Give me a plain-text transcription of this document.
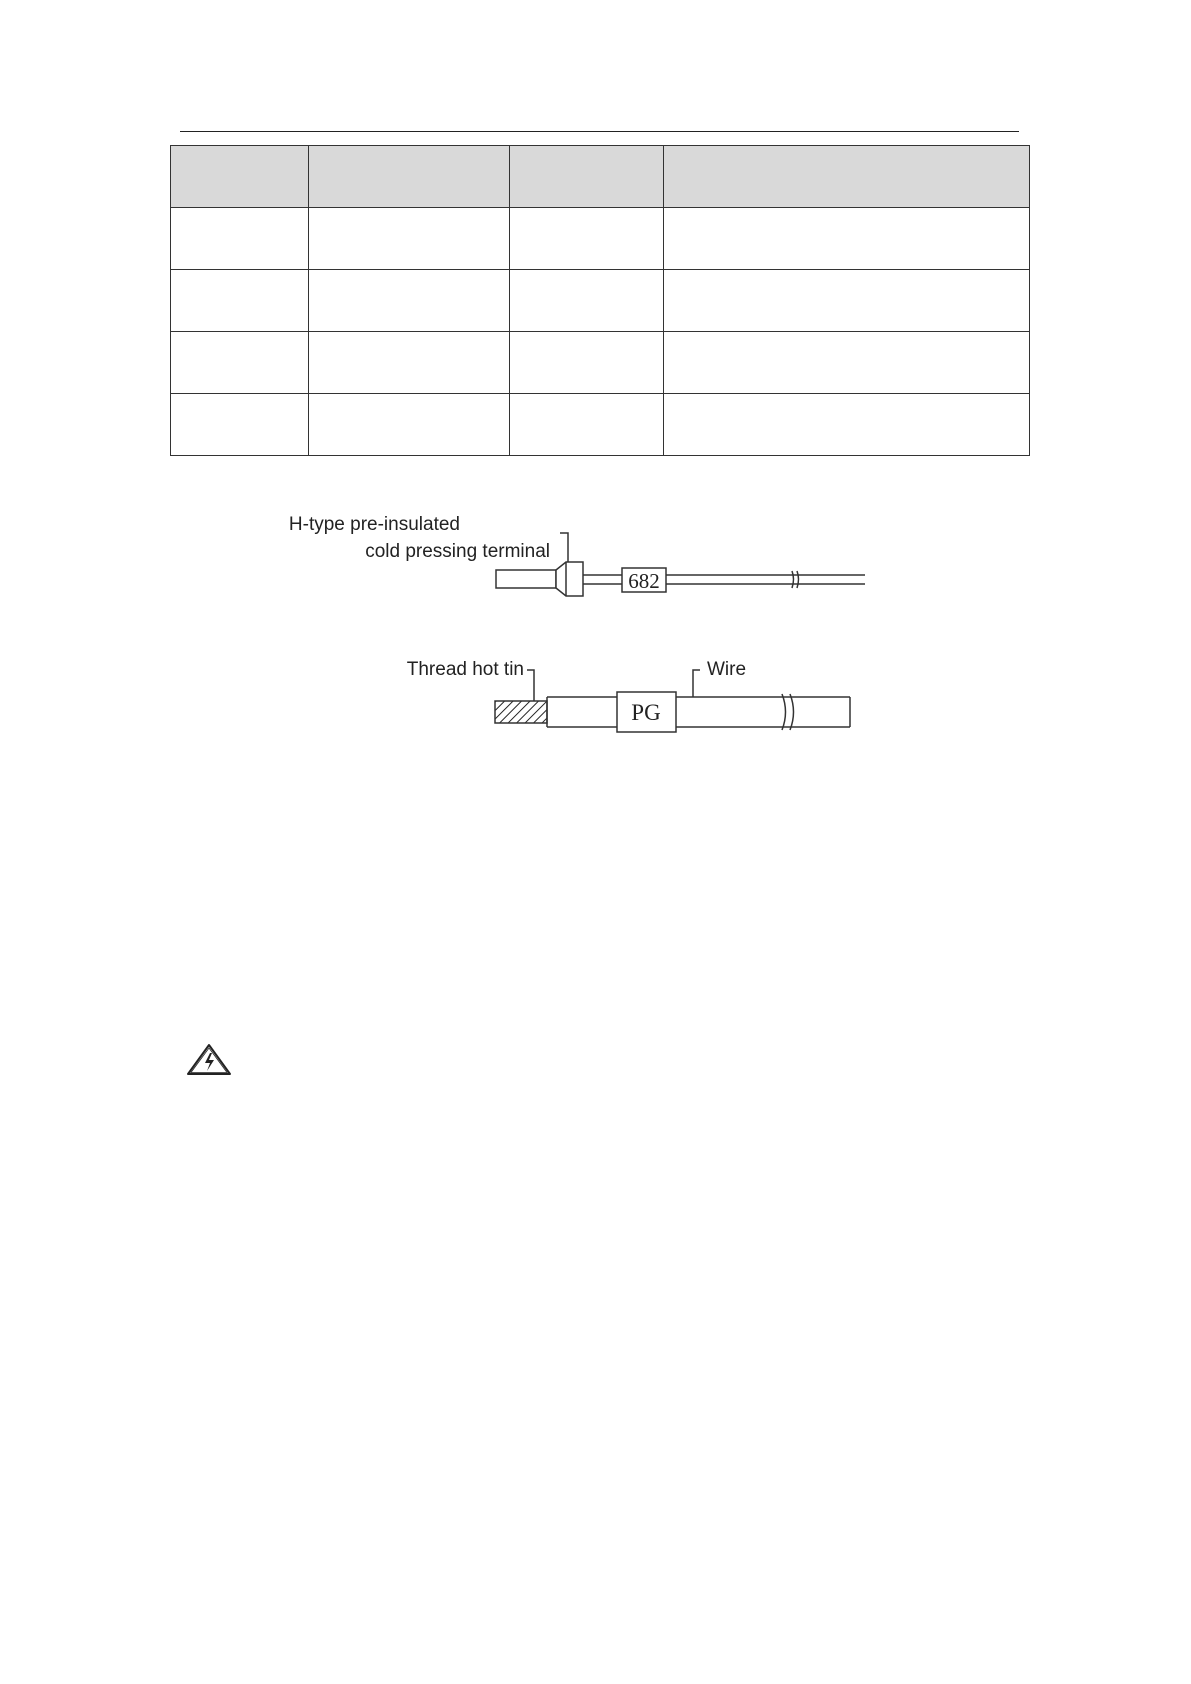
H-type pre-insulated
cold pressing terminal
682
Thread hot tin	Wire
PG
